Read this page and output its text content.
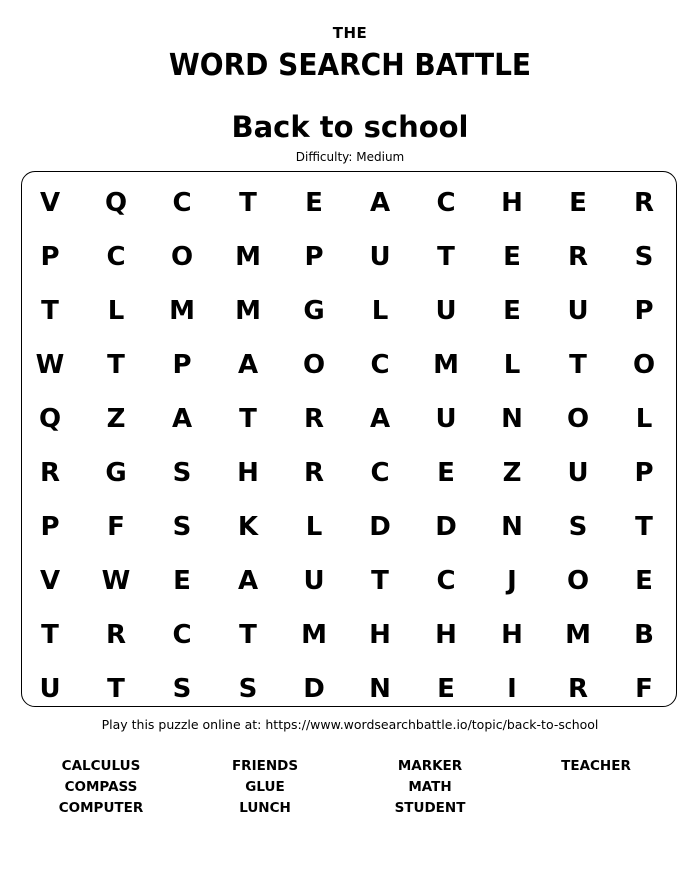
THE
WORD SEARCH BATTLE
Back to school
Difficulty: Medium
V	Q	C	T	E	A	C	H	E	R
P	C	O	M	P	U	T	E	R	S
T	L	M	M	G	L	U	E	U	P
W	T	P	A	O	C	M	L	T	O
Q	Z	A	T	R	A	U	N	O	L
R	G	S	H	R	C	E	Z	U	P
P	F	S	K	L	D	D	N	S	T
V	W	E	A	U	T	C	J	O	E
T	R	C	T	M	H	H	H	M	B
U	T	S	S	D	N	E	I	R	F
Play this puzzle online at: https://www.wordsearchbattle.io/topic/back-to-school
CALCULUS
COMPASS
COMPUTER
FRIENDS
GLUE
LUNCH
MARKER
MATH
STUDENT
TEACHER
